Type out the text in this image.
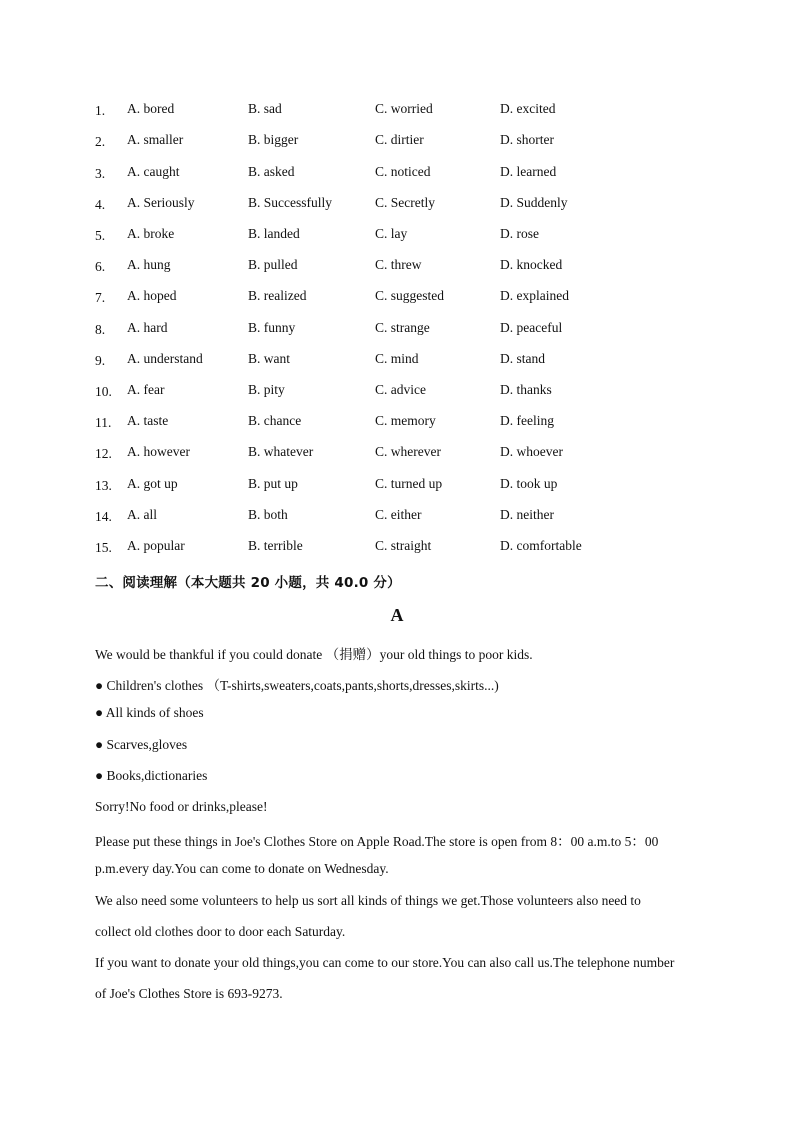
1. A. bored	B. sad	C. worried	D. excited
2. A. smaller	B. bigger	C. dirtier	D. shorter
3. A. caught	B. asked	C. noticed	D. learned
4. A. Seriously	B. Successfully	C. Secretly	D. Suddenly
5. A. broke	B. landed	C. lay	D. rose
6. A. hung	B. pulled	C. threw	D. knocked
7. A. hoped	B. realized	C. suggested	D. explained
8. A. hard	B. funny	C. strange	D. peaceful
9. A. understand	B. want	C. mind	D. stand
10. A. fear	B. pity	C. advice	D. thanks
11. A. taste	B. chance	C. memory	D. feeling
12. A. however	B. whatever	C. wherever	D. whoever
13. A. got up	B. put up	C. turned up	D. took up
14. A. all	B. both	C. either	D. neither
15. A. popular	B. terrible	C. straight	D. comfortable
二、阅读理解（本大题共 20 小题，共 40.0 分）
A
We would be thankful if you could donate （捐赠）your old things to poor kids.
● Children's clothes （T-shirts,sweaters,coats,pants,shorts,dresses,skirts...)
● All kinds of shoes
● Scarves,gloves
● Books,dictionaries
Sorry!No food or drinks,please!
Please put these things in Joe's Clothes Store on Apple Road.The store is open from 8：00 a.m.to 5：00
p.m.every day.You can come to donate on Wednesday.
We also need some volunteers to help us sort all kinds of things we get.Those volunteers also need to
collect old clothes door to door each Saturday.
If you want to donate your old things,you can come to our store.You can also call us.The telephone number
of Joe's Clothes Store is 693-9273.
